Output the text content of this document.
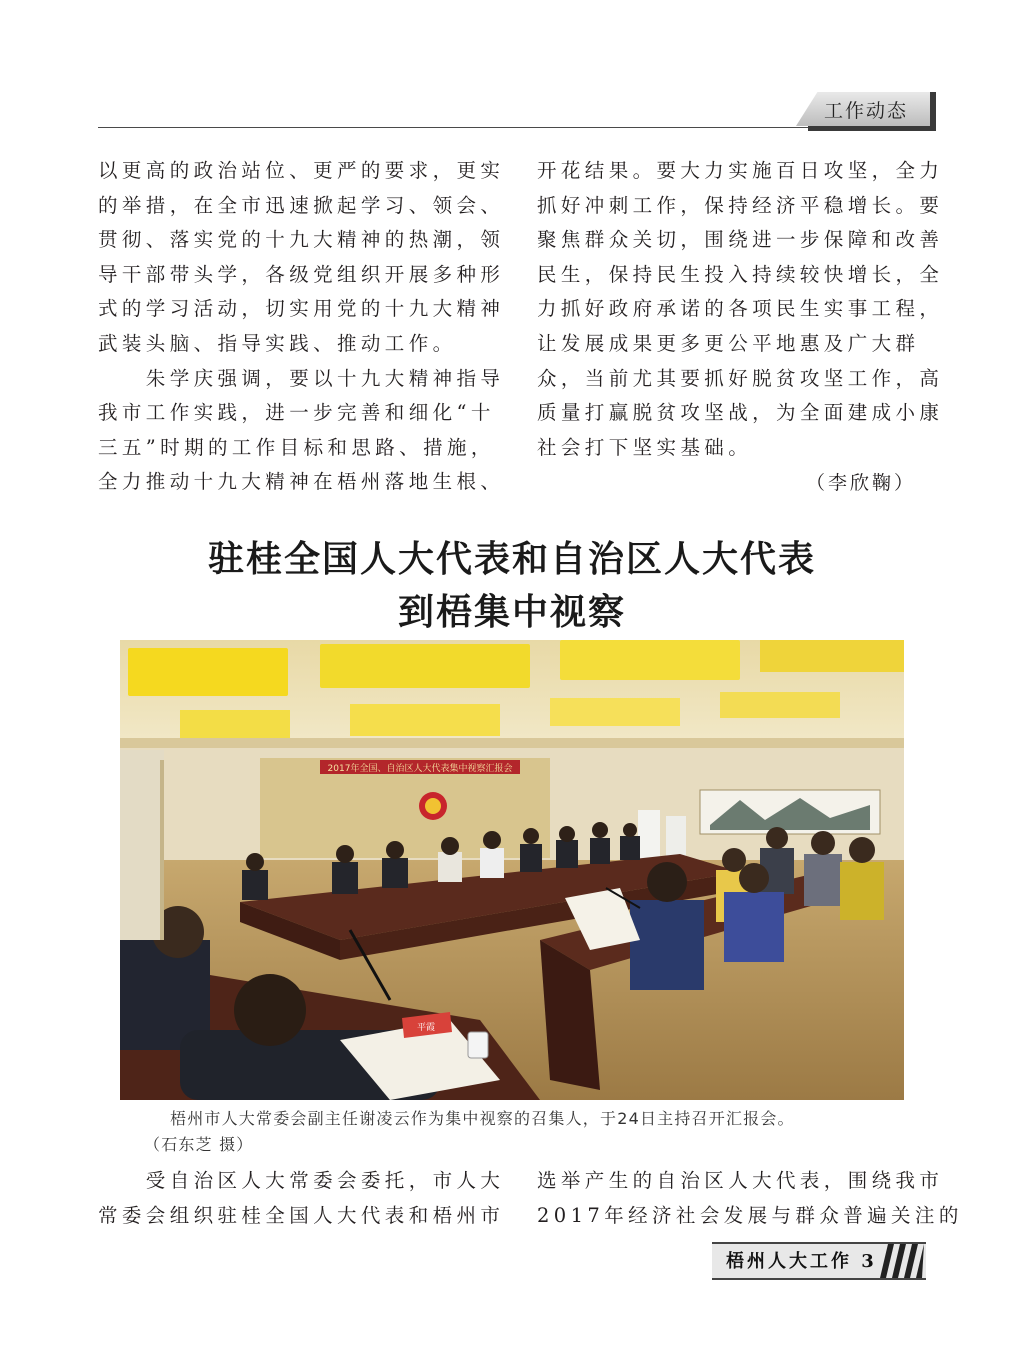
工作动态

以更高的政治站位、更严的要求，更实

的举措，在全市迅速掀起学习、领会、

贯彻、落实党的十九大精神的热潮，领

导干部带头学，各级党组织开展多种形

式的学习活动，切实用党的十九大精神

武装头脑、指导实践、推动工作。

　　朱学庆强调，要以十九大精神指导

我市工作实践，进一步完善和细化“十

三五”时期的工作目标和思路、措施，

全力推动十九大精神在梧州落地生根、

开花结果。要大力实施百日攻坚，全力

抓好冲刺工作，保持经济平稳增长。要

聚焦群众关切，围绕进一步保障和改善

民生，保持民生投入持续较快增长，全

力抓好政府承诺的各项民生实事工程，

让发展成果更多更公平地惠及广大群

众，当前尤其要抓好脱贫攻坚工作，高

质量打赢脱贫攻坚战，为全面建成小康

社会打下坚实基础。

（李欣鞠）
驻桂全国人大代表和自治区人大代表
到梧集中视察
2017年全国、自治区人大代表集中视察汇报会
平霞
梧州市人大常委会副主任谢凌云作为集中视察的召集人，于24日主持召开汇报会。
（石东芝 摄）

　　受自治区人大常委会委托，市人大

常委会组织驻桂全国人大代表和梧州市

选举产生的自治区人大代表，围绕我市

2017年经济社会发展与群众普遍关注的

梧州人大工作 3
